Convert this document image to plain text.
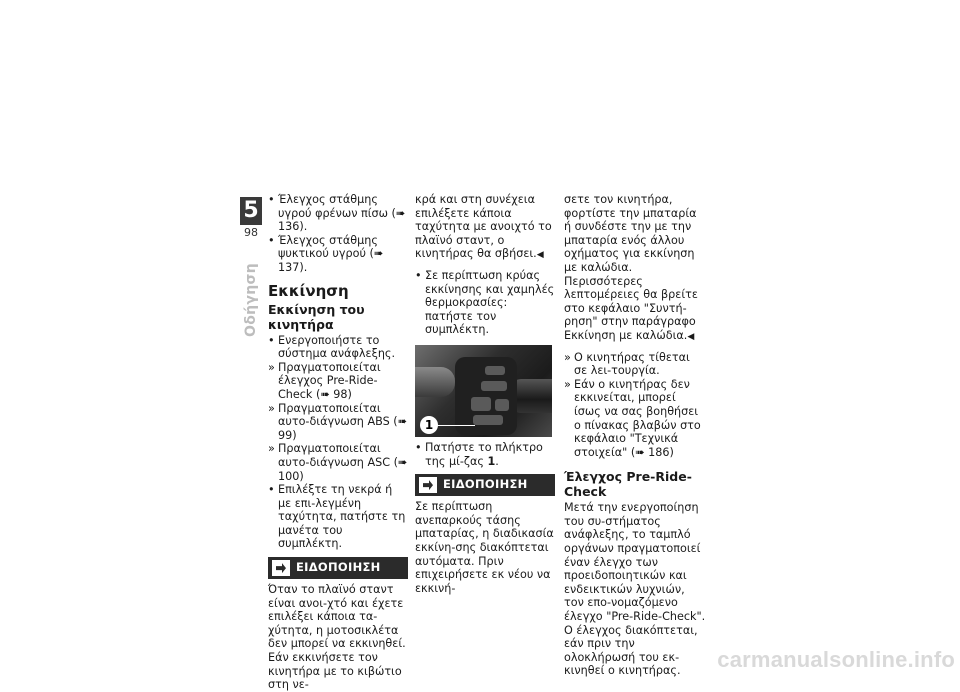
5
98
Οδήγηση
• Έλεγχος στάθμης υγρού φρένων πίσω (➠ 136).
• Έλεγχος στάθμης ψυκτικού υγρού (➠ 137).
Εκκίνηση
Εκκίνηση του κινητήρα
• Ενεργοποιήστε το σύστημα ανάφλεξης.
» Πραγματοποιείται έλεγχος Pre-Ride-Check (➠ 98)
» Πραγματοποιείται αυτο-διάγνωση ABS (➠ 99)
» Πραγματοποιείται αυτο-διάγνωση ASC (➠ 100)
• Επιλέξτε τη νεκρά ή με επι-λεγμένη ταχύτητα, πατήστε τη μανέτα του συμπλέκτη.
ΕΙΔΟΠΟΙΗΣΗ

Όταν το πλαϊνό σταντ είναι ανοι-χτό και έχετε επιλέξει κάποια τα-χύτητα, η μοτοσικλέτα δεν μπορεί να εκκινηθεί. Εάν εκκινήσετε τον κινητήρα με το κιβώτιο στη νε-

κρά και στη συνέχεια επιλέξετε κάποια ταχύτητα με ανοιχτό το πλαϊνό σταντ, ο κινητήρας θα σβήσει.◀

• Σε περίπτωση κρύας εκκίνησης και χαμηλές θερμοκρασίες: πατήστε τον συμπλέκτη.
1
• Πατήστε το πλήκτρο της μί-ζας 1.
ΕΙΔΟΠΟΙΗΣΗ

Σε περίπτωση ανεπαρκούς τάσης μπαταρίας, η διαδικασία εκκίνη-σης διακόπτεται αυτόματα. Πριν επιχειρήσετε εκ νέου να εκκινή-

σετε τον κινητήρα, φορτίστε την μπαταρία ή συνδέστε την με την μπαταρία ενός άλλου οχήματος για εκκίνηση με καλώδια. Περισσότερες λεπτομέρειες θα βρείτε στο κεφάλαιο "Συντή-ρηση" στην παράγραφο Εκκίνηση με καλώδια.◀

» Ο κινητήρας τίθεται σε λει-τουργία.
» Εάν ο κινητήρας δεν εκκινείται, μπορεί ίσως να σας βοηθήσει ο πίνακας βλαβών στο κεφάλαιο "Τεχνικά στοιχεία" (➠ 186)
Έλεγχος Pre-Ride-Check

Μετά την ενεργοποίηση του συ-στήματος ανάφλεξης, το ταμπλό οργάνων πραγματοποιεί έναν έλεγχο των προειδοποιητικών και ενδεικτικών λυχνιών, τον επο-νομαζόμενο έλεγχο "Pre-Ride-Check". Ο έλεγχος διακόπτεται, εάν πριν την ολοκλήρωσή του εκ-κινηθεί ο κινητήρας.	carmanualsonline.info
